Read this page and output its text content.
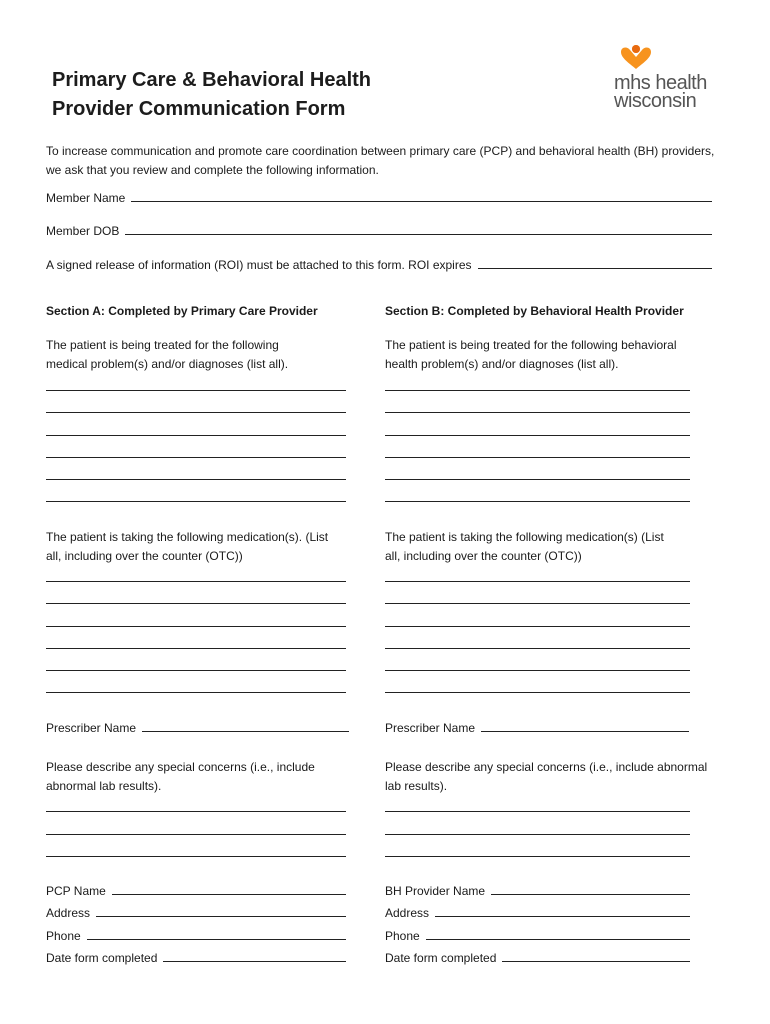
Primary Care & Behavioral Health
Provider Communication Form
mhs health
wisconsin
To increase communication and promote care coordination between primary care (PCP) and behavioral health (BH) providers, we ask that you review and complete the following information.
Member Name
Member DOB
A signed release of information (ROI) must be attached to this form. ROI expires
Section A: Completed by Primary Care Provider	Section B: Completed by Behavioral Health Provider
The patient is being treated for the following medical problem(s) and/or diagnoses (list all).
The patient is being treated for the following behavioral health problem(s) and/or diagnoses (list all).
The patient is taking the following medication(s). (List all, including over the counter (OTC))
The patient is taking the following medication(s) (List all, including over the counter (OTC))
Prescriber Name	Prescriber Name
Please describe any special concerns (i.e., include abnormal lab results).
Please describe any special concerns (i.e., include abnormal lab results).
PCP Name
Address
Phone
Date form completed
BH Provider Name
Address
Phone
Date form completed
